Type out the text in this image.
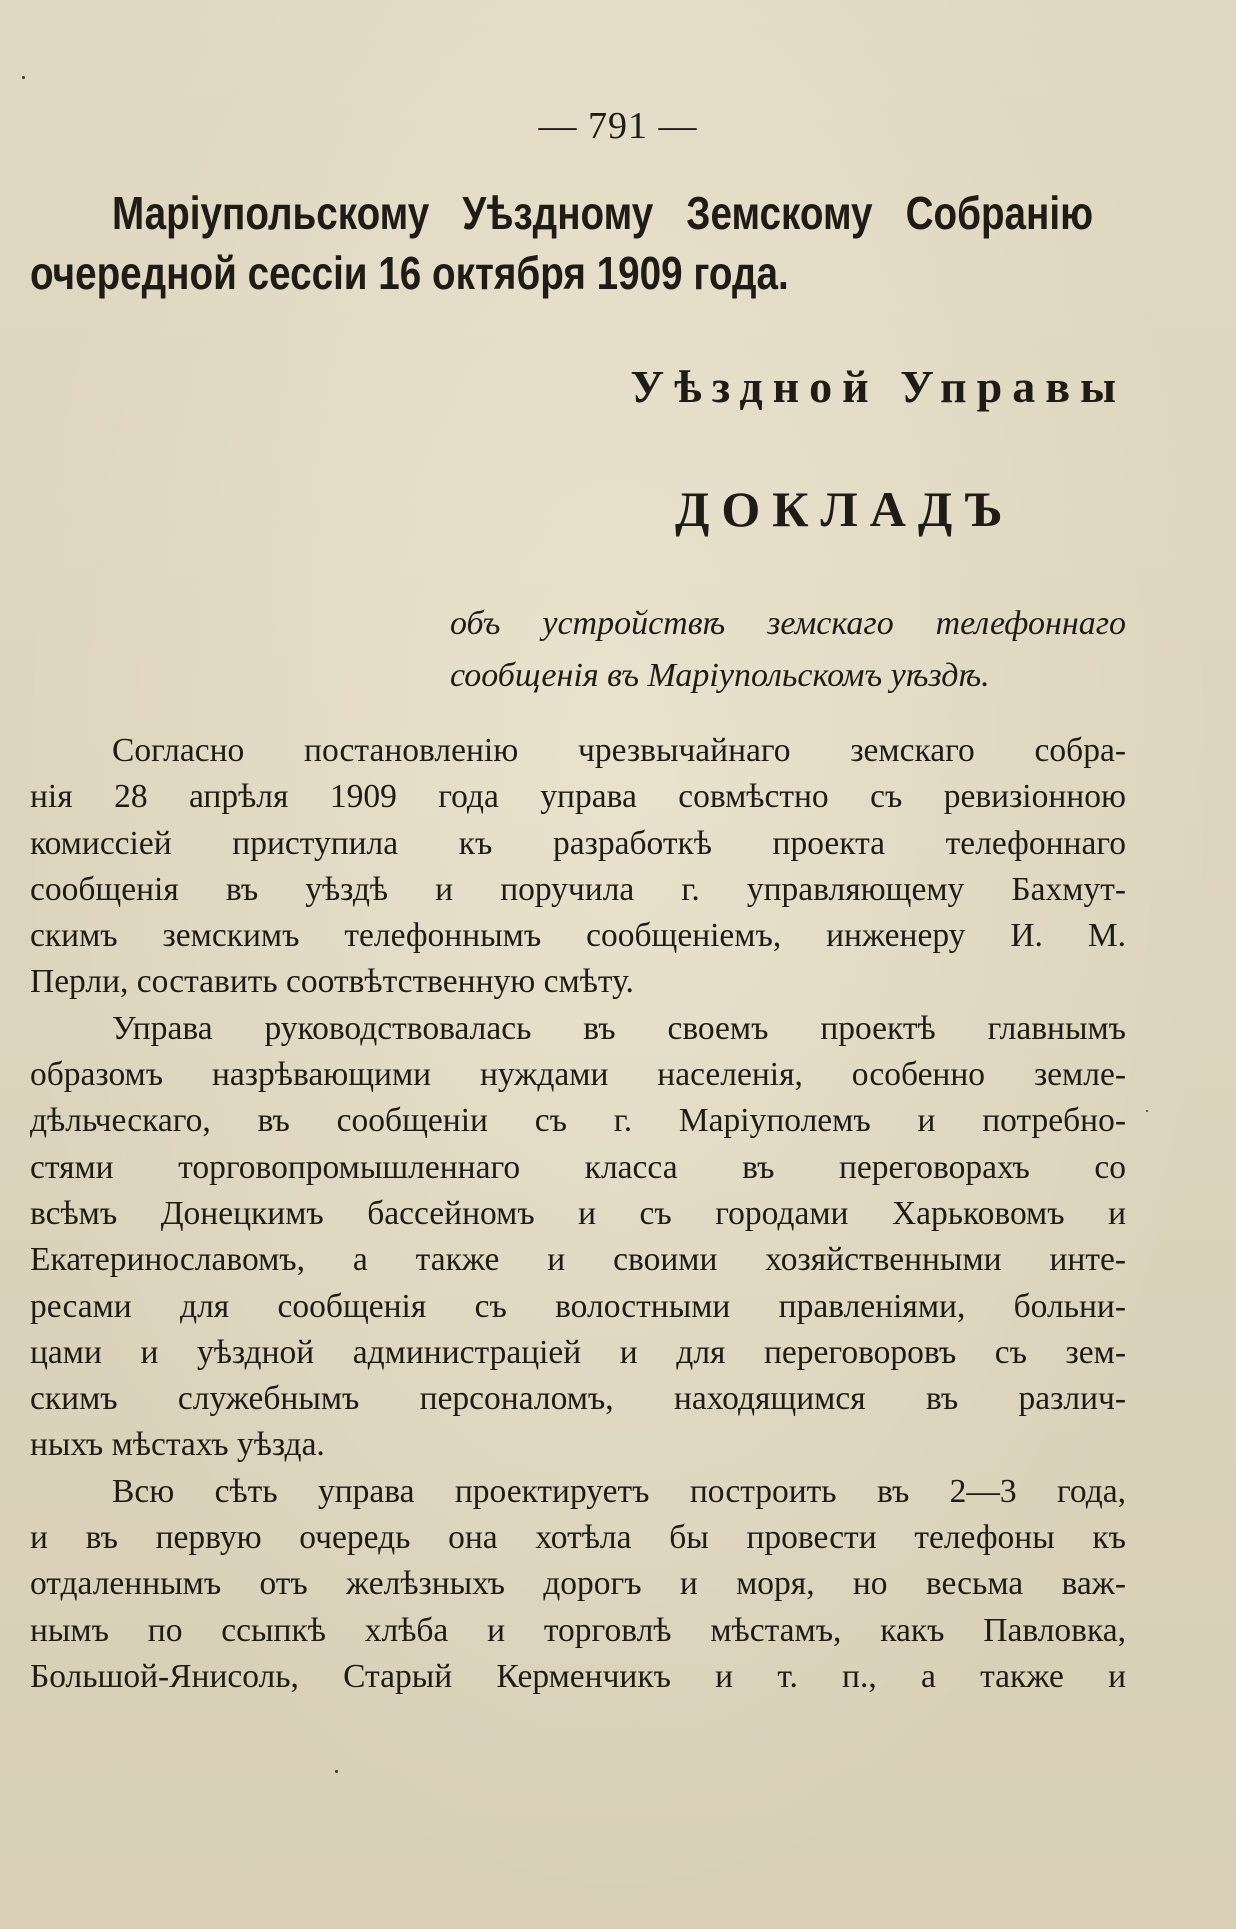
— 791 —
Маріупольскому Уѣздному Земскому Собранію
очередной сессіи 16 октября 1909 года.
Уѣздной Управы
ДОКЛАДЪ
объ устройствѣ земскаго телефоннаго
сообщенія въ Маріупольскомъ уѣздѣ.
Согласно постановленію чрезвычайнаго земскаго собра-
нія 28 апрѣля 1909 года управа совмѣстно съ ревизіонною
комиссіей приступила къ разработкѣ проекта телефоннаго
сообщенія въ уѣздѣ и поручила г. управляющему Бахмут-
скимъ земскимъ телефоннымъ сообщеніемъ, инженеру И. М.
Перли, составить соотвѣтственную смѣту.
Управа руководствовалась въ своемъ проектѣ главнымъ
образомъ назрѣвающими нуждами населенія, особенно земле-
дѣльческаго, въ сообщеніи съ г. Маріуполемъ и потребно-
стями торговопромышленнаго класса въ переговорахъ со
всѣмъ Донецкимъ бассейномъ и съ городами Харьковомъ и
Екатеринославомъ, а также и своими хозяйственными инте-
ресами для сообщенія съ волостными правленіями, больни-
цами и уѣздной администраціей и для переговоровъ съ зем-
скимъ служебнымъ персоналомъ, находящимся въ различ-
ныхъ мѣстахъ уѣзда.
Всю сѣть управа проектируетъ построить въ 2—3 года,
и въ первую очередь она хотѣла бы провести телефоны къ
отдаленнымъ отъ желѣзныхъ дорогъ и моря, но весьма важ-
нымъ по ссыпкѣ хлѣба и торговлѣ мѣстамъ, какъ Павловка,
Большой-Янисоль, Старый Керменчикъ и т. п., а также и
